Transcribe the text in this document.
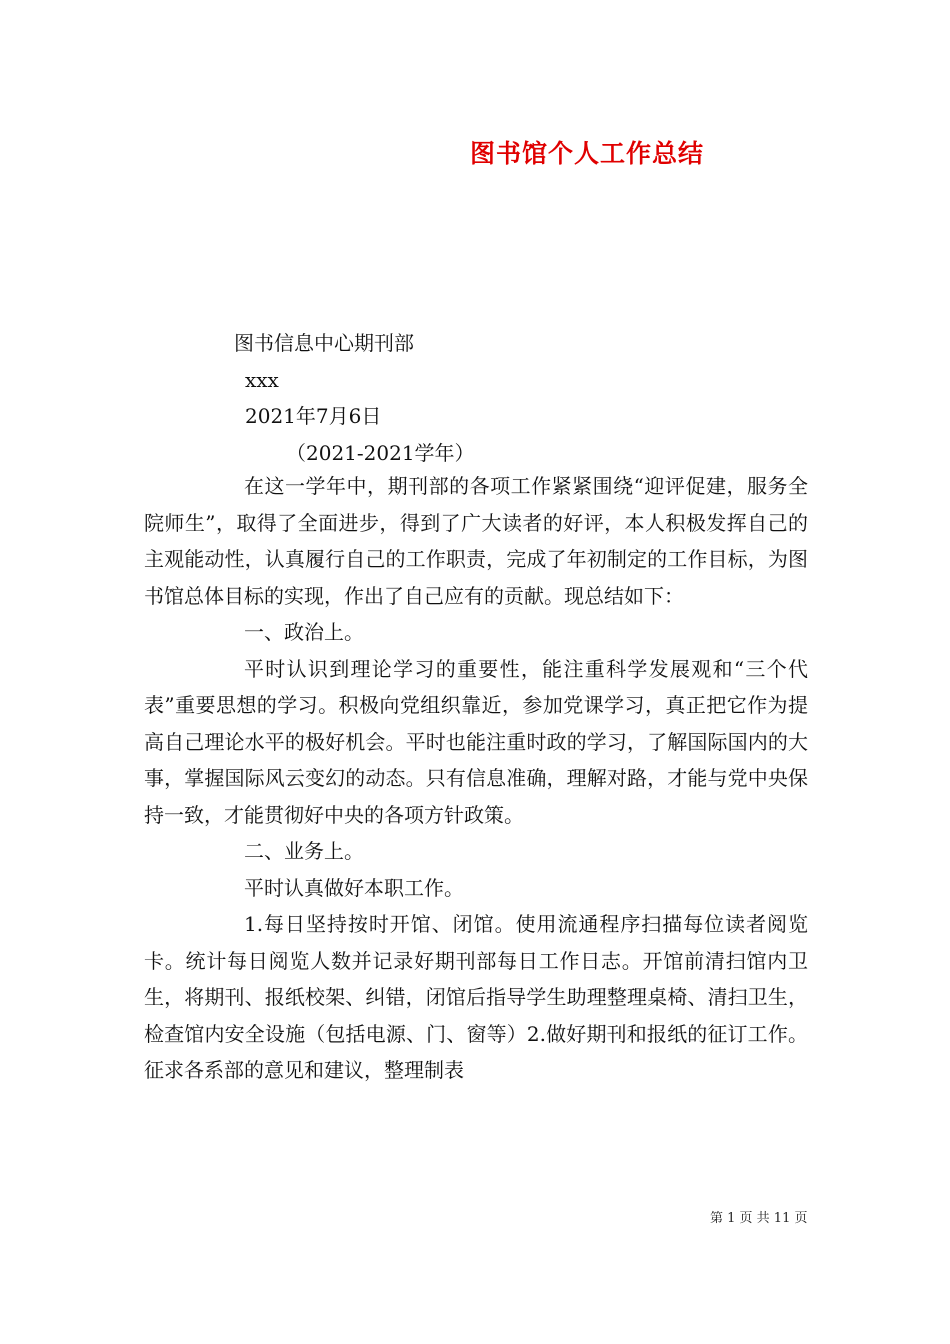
图书馆个人工作总结
图书信息中心期刊部
xxx
2021年7月6日
（2021-2021学年）

在这一学年中，期刊部的各项工作紧紧围绕“迎评促建，服务全院师生”，取得了全面进步，得到了广大读者的好评，本人积极发挥自己的主观能动性，认真履行自己的工作职责，完成了年初制定的工作目标，为图书馆总体目标的实现，作出了自己应有的贡献。现总结如下：

一、政治上。

平时认识到理论学习的重要性，能注重科学发展观和“三个代表”重要思想的学习。积极向党组织靠近，参加党课学习，真正把它作为提高自己理论水平的极好机会。平时也能注重时政的学习，了解国际国内的大事，掌握国际风云变幻的动态。只有信息准确，理解对路，才能与党中央保持一致，才能贯彻好中央的各项方针政策。

二、业务上。

平时认真做好本职工作。

1.每日坚持按时开馆、闭馆。使用流通程序扫描每位读者阅览卡。统计每日阅览人数并记录好期刊部每日工作日志。开馆前清扫馆内卫生，将期刊、报纸校架、纠错，闭馆后指导学生助理整理桌椅、清扫卫生，检查馆内安全设施（包括电源、门、窗等）2.做好期刊和报纸的征订工作。征求各系部的意见和建议，整理制表

第 1 页 共 11 页
